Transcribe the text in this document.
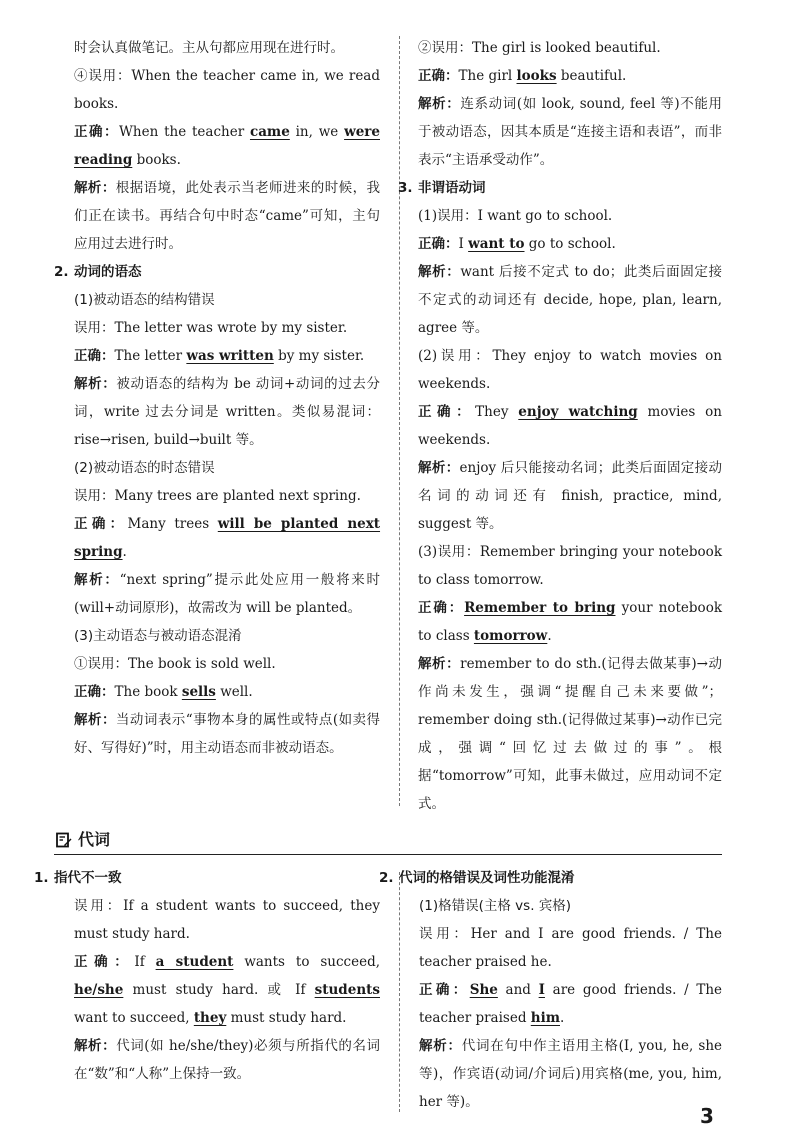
时会认真做笔记。主从句都应用现在进行时。

④误用：When the teacher came in, we read books.

正确：When the teacher came in, we were reading books.

解析：根据语境，此处表示当老师进来的时候，我们正在读书。再结合句中时态“came”可知，主句应用过去进行时。

2. 动词的语态

(1)被动语态的结构错误

误用：The letter was wrote by my sister.

正确：The letter was written by my sister.

解析：被动语态的结构为 be 动词+动词的过去分词，write 过去分词是 written。类似易混词：rise→risen, build→built 等。

(2)被动语态的时态错误

误用：Many trees are planted next spring.

正确：Many trees will be planted next spring.

解析：“next spring”提示此处应用一般将来时(will+动词原形)，故需改为 will be planted。

(3)主动语态与被动语态混淆

①误用：The book is sold well.

正确：The book sells well.

解析：当动词表示“事物本身的属性或特点(如卖得好、写得好)”时，用主动语态而非被动语态。

②误用：The girl is looked beautiful.

正确：The girl looks beautiful.

解析：连系动词(如 look, sound, feel 等)不能用于被动语态，因其本质是“连接主语和表语”，而非表示“主语承受动作”。

3. 非谓语动词

(1)误用：I want go to school.

正确：I want to go to school.

解析：want 后接不定式 to do；此类后面固定接不定式的动词还有 decide, hope, plan, learn, agree 等。

(2)误用：They enjoy to watch movies on weekends.

正确：They enjoy watching movies on weekends.

解析：enjoy 后只能接动名词；此类后面固定接动名词的动词还有 finish, practice, mind, suggest 等。

(3)误用：Remember bringing your notebook to class tomorrow.

正确：Remember to bring your notebook to class tomorrow.

解析：remember to do sth.(记得去做某事)→动作尚未发生，强调“提醒自己未来要做”；remember doing sth.(记得做过某事)→动作已完成，强调“回忆过去做过的事”。根据“tomorrow”可知，此事未做过，应用动词不定式。

代词

1. 指代不一致

误用：If a student wants to succeed, they must study hard.

正确：If a student wants to succeed, he/she must study hard. 或 If students want to succeed, they must study hard.

解析：代词(如 he/she/they)必须与所指代的名词在“数”和“人称”上保持一致。

2. 代词的格错误及词性功能混淆

(1)格错误(主格 vs. 宾格)

误用：Her and I are good friends. / The teacher praised he.

正确：She and I are good friends. / The teacher praised him.

解析：代词在句中作主语用主格(I, you, he, she 等)，作宾语(动词/介词后)用宾格(me, you, him, her 等)。

3
